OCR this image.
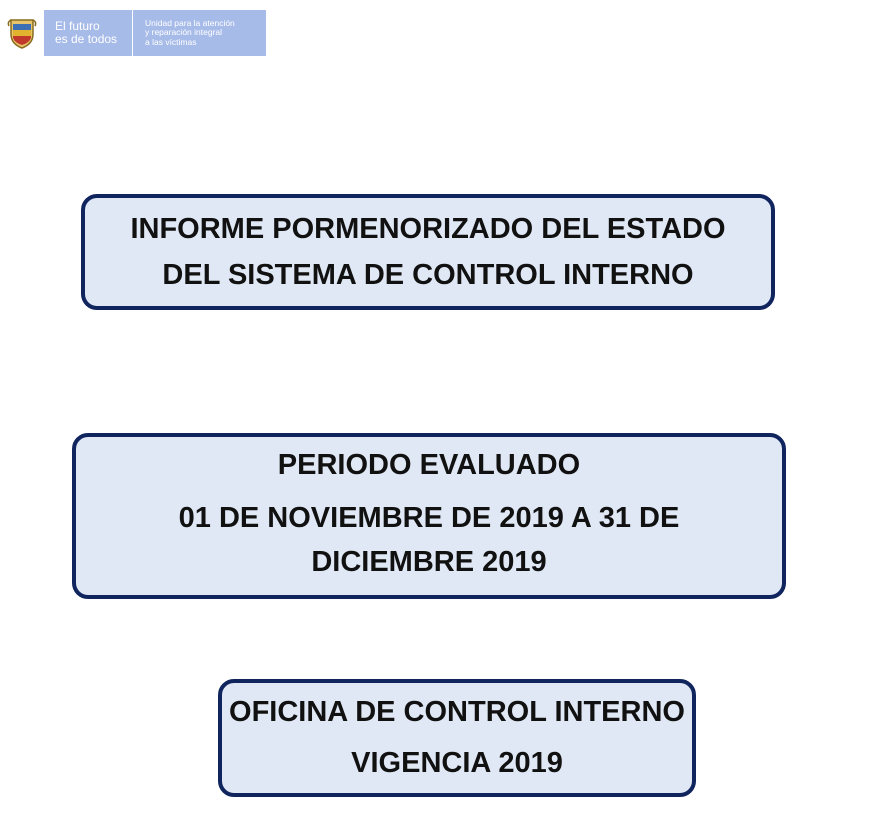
El futuro
es de todos
Unidad para la atención
y reparación integral
a las víctimas
INFORME PORMENORIZADO DEL ESTADO
DEL SISTEMA DE CONTROL INTERNO
PERIODO EVALUADO
01 DE NOVIEMBRE DE 2019 A 31 DE DICIEMBRE 2019
OFICINA DE CONTROL INTERNO
VIGENCIA 2019
